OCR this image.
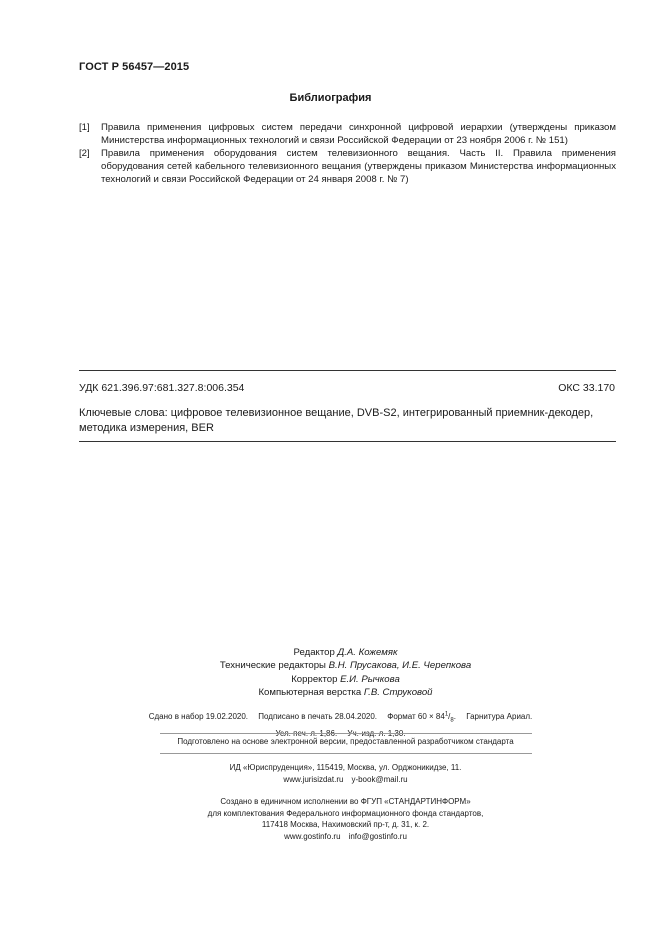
ГОСТ Р 56457—2015
Библиография
[1]	Правила применения цифровых систем передачи синхронной цифровой иерархии (утверждены приказом Министерства информационных технологий и связи Российской Федерации от 23 ноября 2006 г. № 151)
[2]	Правила применения оборудования систем телевизионного вещания. Часть II. Правила применения оборудования сетей кабельного телевизионного вещания (утверждены приказом Министерства информационных технологий и связи Российской Федерации от 24 января 2008 г. № 7)
УДК 621.396.97:681.327.8:006.354	ОКС 33.170
Ключевые слова: цифровое телевизионное вещание, DVB-S2, интегрированный приемник-декодер, методика измерения, BER
Редактор Д.А. Кожемяк
Технические редакторы В.Н. Прусакова, И.Е. Черепкова
Корректор Е.И. Рычкова
Компьютерная верстка Г.В. Струковой
Сдано в набор 19.02.2020. Подписано в печать 28.04.2020. Формат $60 \times 84^1/_8$. Гарнитура Ариал.
Усл. печ. л. 1,86. Уч.-изд. л. 1,30.
Подготовлено на основе электронной версии, предоставленной разработчиком стандарта
ИД «Юриспруденция», 115419, Москва, ул. Орджоникидзе, 11.
www.jurisizdat.ru y-book@mail.ru
Создано в единичном исполнении во ФГУП «СТАНДАРТИНФОРМ»
для комплектования Федерального информационного фонда стандартов,
117418 Москва, Нахимовский пр-т, д. 31, к. 2.
www.gostinfo.ru info@gostinfo.ru
